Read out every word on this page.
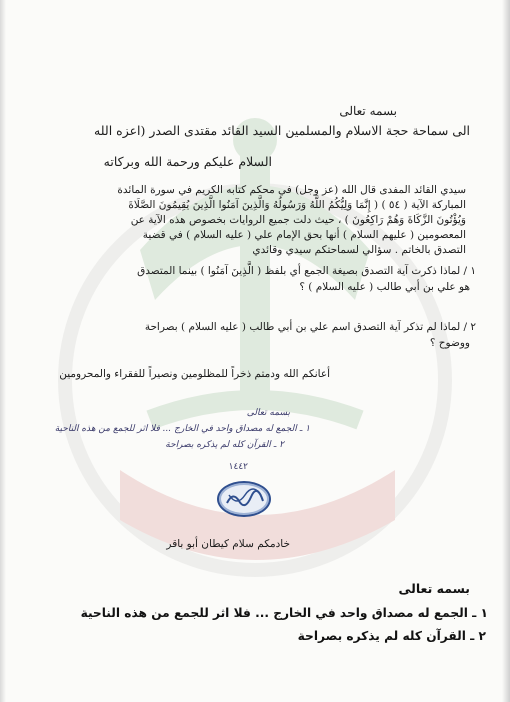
بسمه تعالى
الى سماحة حجة الاسلام والمسلمين السيد القائد مقتدى الصدر (اعزه الله
السلام عليكم ورحمة الله وبركاته
سيدي القائد المفدى قال الله (عز وجل) في محكم كتابه الكريم في سورة المائدة
المباركة الآية ( ٥٤ ) ( إِنَّمَا وَلِيُّكُمُ اللَّهُ وَرَسُولُهُ وَالَّذِينَ آمَنُوا الَّذِينَ يُقِيمُونَ الصَّلَاةَ
وَيُؤْتُونَ الزَّكَاةَ وَهُمْ رَاكِعُونَ ) ، حيث دلت جميع الروايات بخصوص هذه الآية عن
المعصومين ( عليهم السلام ) أنها بحق الإمام علي ( عليه السلام ) في قضية
التصدق بالخاتم . سؤالي لسماحتكم سيدي وقائدي
١ / لماذا ذكرت آية التصدق بصيغة الجمع أي بلفظ ( الَّذِينَ آمَنُوا ) بينما المتصدق
هو علي بن أبي طالب ( عليه السلام ) ؟
٢ / لماذا لم تذكر آية التصدق اسم علي بن أبي طالب ( عليه السلام ) بصراحة
ووضوح ؟
أعانكم الله ودمتم ذخراً للمظلومين ونصيراً للفقراء والمحرومين
بسمه تعالى
١ ـ الجمع له مصداق واحد في الخارج ... فلا اثر للجمع من هذه الناحية
٢ ـ القرآن كله لم يذكره بصراحة
١٤٤٢
خادمكم سلام كيطان أبو باقر
بسمه تعالى
١ ـ الجمع له مصداق واحد في الخارج ... فلا اثر للجمع من هذه الناحية
٢ ـ القرآن كله لم يذكره بصراحة
